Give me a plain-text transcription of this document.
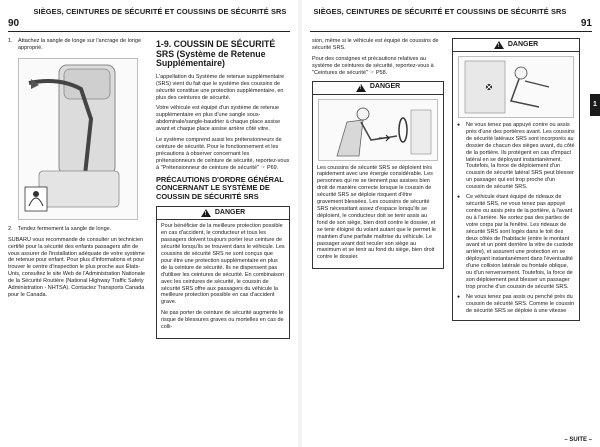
SIÈGES, CEINTURES DE SÉCURITÉ ET COUSSINS DE SÉCURITÉ SRS
90
1. Attachez la sangle de longe sur l'ancrage de longe approprié.
2. Tendez fermement la sangle de longe.

SUBARU vous recommande de consulter un technicien certifié pour la sécurité des enfants passagers afin de vous assurer de l'installation adéquate de votre système de retenue pour enfant. Pour plus d'informations et pour trouver le centre d'inspection le plus proche aux États-Unis, consultez le site Web de l'Administration Nationale de la Sécurité Routière (National Highway Traffic Safety Administration - NHTSA). Contactez Transports Canada pour le Canada.

1-9. COUSSIN DE SÉCURITÉ SRS (Système de Retenue Supplémentaire)

L'appellation du Système de retenue supplémentaire (SRS) vient du fait que le système des coussins de sécurité constitue une protection supplémentaire, en plus des ceintures de sécurité.

Votre véhicule est équipé d'un système de retenue supplémentaire en plus d'une sangle sous-abdominale/sangle-baudrier à chaque place assise avant et chaque place assise arrière côté vitre.

Le système comprend aussi les prétensionneurs de ceinture de sécurité. Pour le fonctionnement et les précautions à observer concernant les prétensionneurs de ceinture de sécurité, reportez-vous à "Prétensionneur de ceinture de sécurité" ☞ P69.

PRÉCAUTIONS D'ORDRE GÉNÉRAL CONCERNANT LE SYSTÈME DE COUSSIN DE SÉCURITÉ SRS
!
DANGER

Pour bénéficier de la meilleure protection possible en cas d'accident, le conducteur et tous les passagers doivent toujours porter leur ceinture de sécurité lorsqu'ils se trouvent dans le véhicule. Les coussins de sécurité SRS ne sont conçus que pour être une protection supplémentaire en plus de la ceinture de sécurité. Ils ne dispensent pas d'utiliser les ceintures de sécurité. En combinaison avec les ceintures de sécurité, le coussin de sécurité SRS offre aux passagers du véhicule la meilleure protection possible en cas d'accident grave.

Ne pas porter de ceinture de sécurité augmente le risque de blessures graves ou mortelles en cas de colli-

SIÈGES, CEINTURES DE SÉCURITÉ ET COUSSINS DE SÉCURITÉ SRS
91

sion, même si le véhicule est équipé de coussins de sécurité SRS.

Pour des consignes et précautions relatives au système de ceintures de sécurité, reportez-vous à "Ceintures de sécurité" ☞ P58.

!
DANGER

Les coussins de sécurité SRS se déploient très rapidement avec une énergie considérable. Les personnes qui ne se tiennent pas assises bien droit de manière correcte lorsque le coussin de sécurité SRS se déploie risquent d'être gravement blessées. Les coussins de sécurité SRS nécessitant assez d'espace lorsqu'ils se déploient, le conducteur doit se tenir assis au fond de son siège, bien droit contre le dossier, et se tenir éloigné du volant autant que le permet le maintien d'une parfaite maîtrise du véhicule. Le passager avant doit reculer son siège au maximum et se tenir au fond du siège, bien droit contre le dossier.

!
DANGER
● Ne vous tenez pas appuyé contre ou assis près d'une des portières avant. Les coussins de sécurité latéraux SRS sont incorporés au dossier de chacun des sièges avant, du côté de la portière. Ils protègent en cas d'impact latéral en se déployant instantanément. Toutefois, la force de déploiement d'un coussin de sécurité latéral SRS peut blesser un passager qui est trop proche d'un coussin de sécurité SRS.
● Ce véhicule étant équipé de rideaux de sécurité SRS, ne vous tenez pas appuyé contre ou assis près de la portière, à l'avant ou à l'arrière. Ne sortez pas des parties de votre corps par la fenêtre. Les rideaux de sécurité SRS sont logés dans le toit des deux côtés de l'habitacle (entre le montant avant et un point derrière la vitre de custode arrière), et assurent une protection en se déployant instantanément dans l'éventualité d'une collision latérale ou frontale oblique, ou d'un renversement. Toutefois, la force de son déploiement peut blesser un passager trop proche d'un coussin de sécurité SRS.
● Ne vous tenez pas assis ou penché près du coussin de sécurité SRS. Comme le coussin de sécurité SRS se déploie à une vitesse
1
– SUITE –
